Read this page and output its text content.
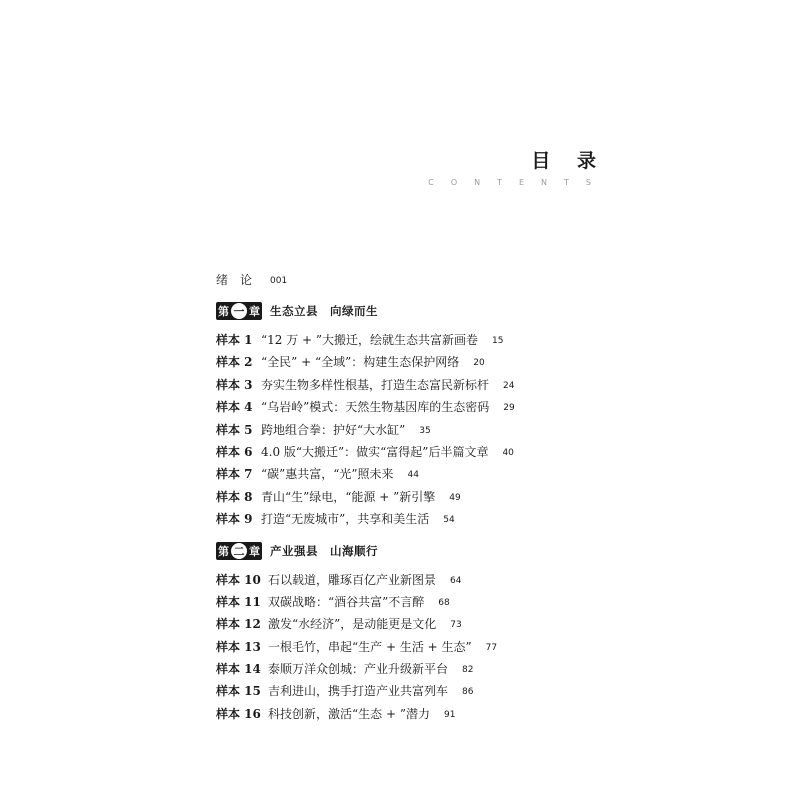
目 录
CONTENTS
绪论 001
第 一 章 生态立县 向绿而生
样本 1 “12 万 + ”大搬迁，绘就生态共富新画卷 15
样本 2 “全民” + “全域”：构建生态保护网络 20
样本 3 夯实生物多样性根基，打造生态富民新标杆 24
样本 4 “乌岩岭”模式：天然生物基因库的生态密码 29
样本 5 跨地组合拳：护好“大水缸” 35
样本 6 4.0 版“大搬迁”：做实“富得起”后半篇文章 40
样本 7 “碳”惠共富，“光”照未来 44
样本 8 青山“生”绿电，“能源 + ”新引擎 49
样本 9 打造“无废城市”，共享和美生活 54
第 二 章 产业强县 山海顺行
样本 10 石以载道，雕琢百亿产业新图景 64
样本 11 双碳战略：“酒谷共富”不言醉 68
样本 12 激发“水经济”，是动能更是文化 73
样本 13 一根毛竹，串起“生产 + 生活 + 生态” 77
样本 14 泰顺万洋众创城：产业升级新平台 82
样本 15 吉利进山，携手打造产业共富列车 86
样本 16 科技创新，激活“生态 + ”潜力 91
